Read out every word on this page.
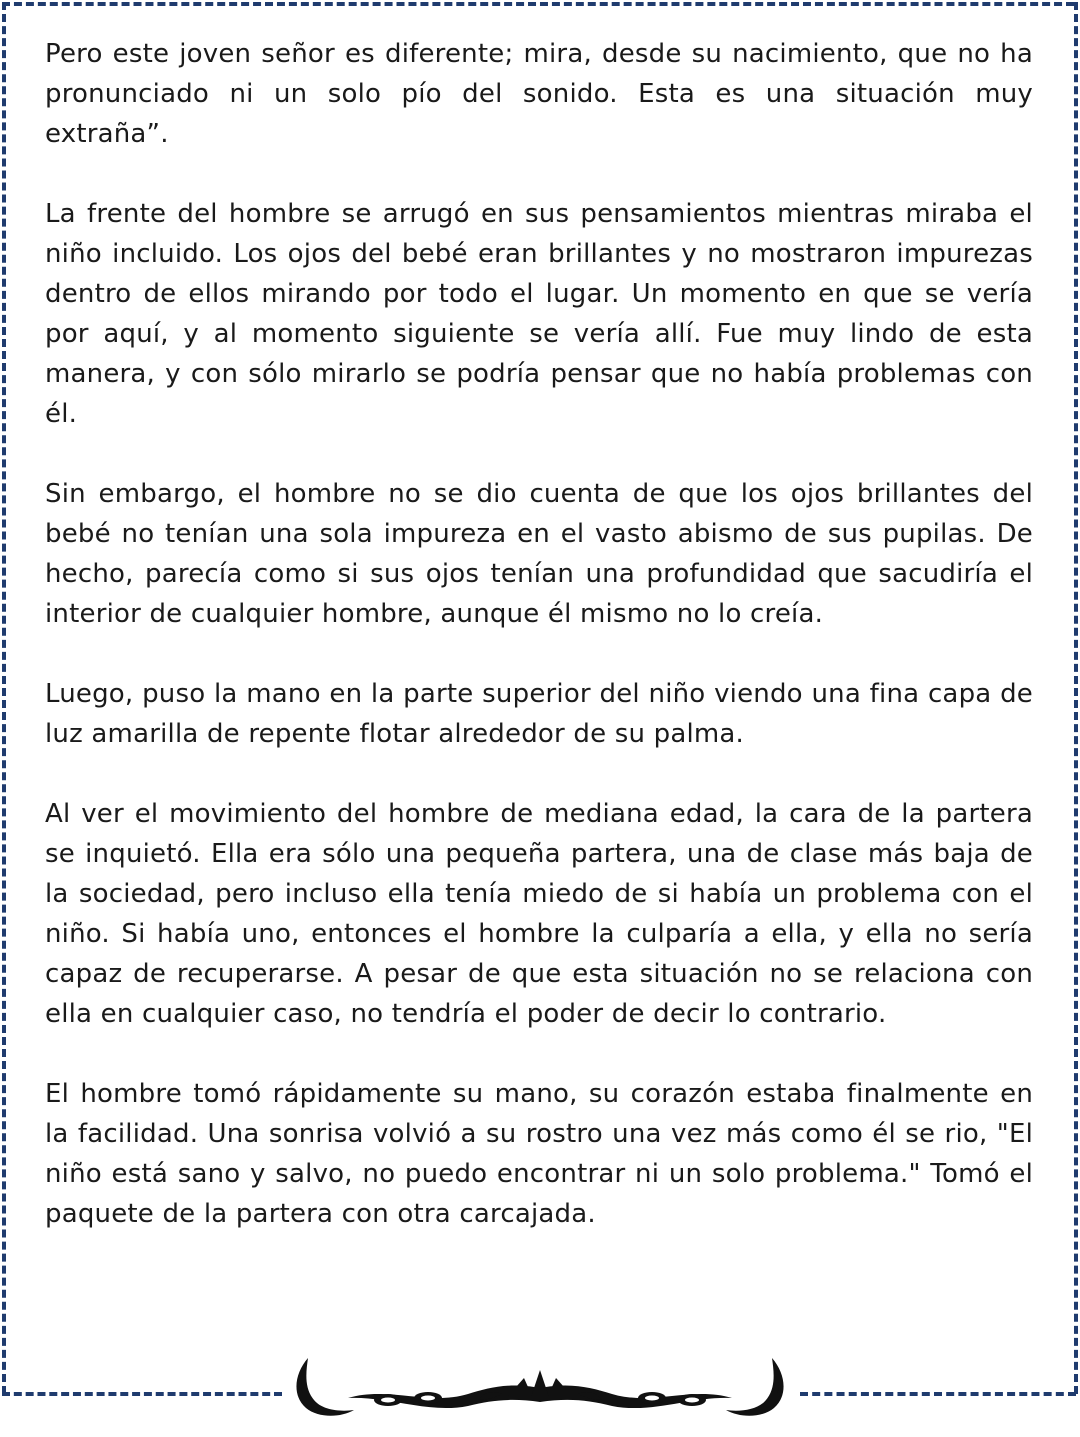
Pero este joven señor es diferente; mira, desde su nacimiento, que no ha pronunciado ni un solo pío del sonido. Esta es una situación muy extraña”.

La frente del hombre se arrugó en sus pensamientos mientras miraba el niño incluido. Los ojos del bebé eran brillantes y no mostraron impurezas dentro de ellos mirando por todo el lugar. Un momento en que se vería por aquí, y al momento siguiente se vería allí. Fue muy lindo de esta manera, y con sólo mirarlo se podría pensar que no había problemas con él.

Sin embargo, el hombre no se dio cuenta de que los ojos brillantes del bebé no tenían una sola impureza en el vasto abismo de sus pupilas. De hecho, parecía como si sus ojos tenían una profundidad que sacudiría el interior de cualquier hombre, aunque él mismo no lo creía.

Luego, puso la mano en la parte superior del niño viendo una fina capa de luz amarilla de repente flotar alrededor de su palma.

Al ver el movimiento del hombre de mediana edad, la cara de la partera se inquietó. Ella era sólo una pequeña partera, una de clase más baja de la sociedad, pero incluso ella tenía miedo de si había un problema con el niño. Si había uno, entonces el hombre la culparía a ella, y ella no sería capaz de recuperarse. A pesar de que esta situación no se relaciona con ella en cualquier caso, no tendría el poder de decir lo contrario.

El hombre tomó rápidamente su mano, su corazón estaba finalmente en la facilidad. Una sonrisa volvió a su rostro una vez más como él se rio, "El niño está sano y salvo, no puedo encontrar ni un solo problema." Tomó el paquete de la partera con otra carcajada.
